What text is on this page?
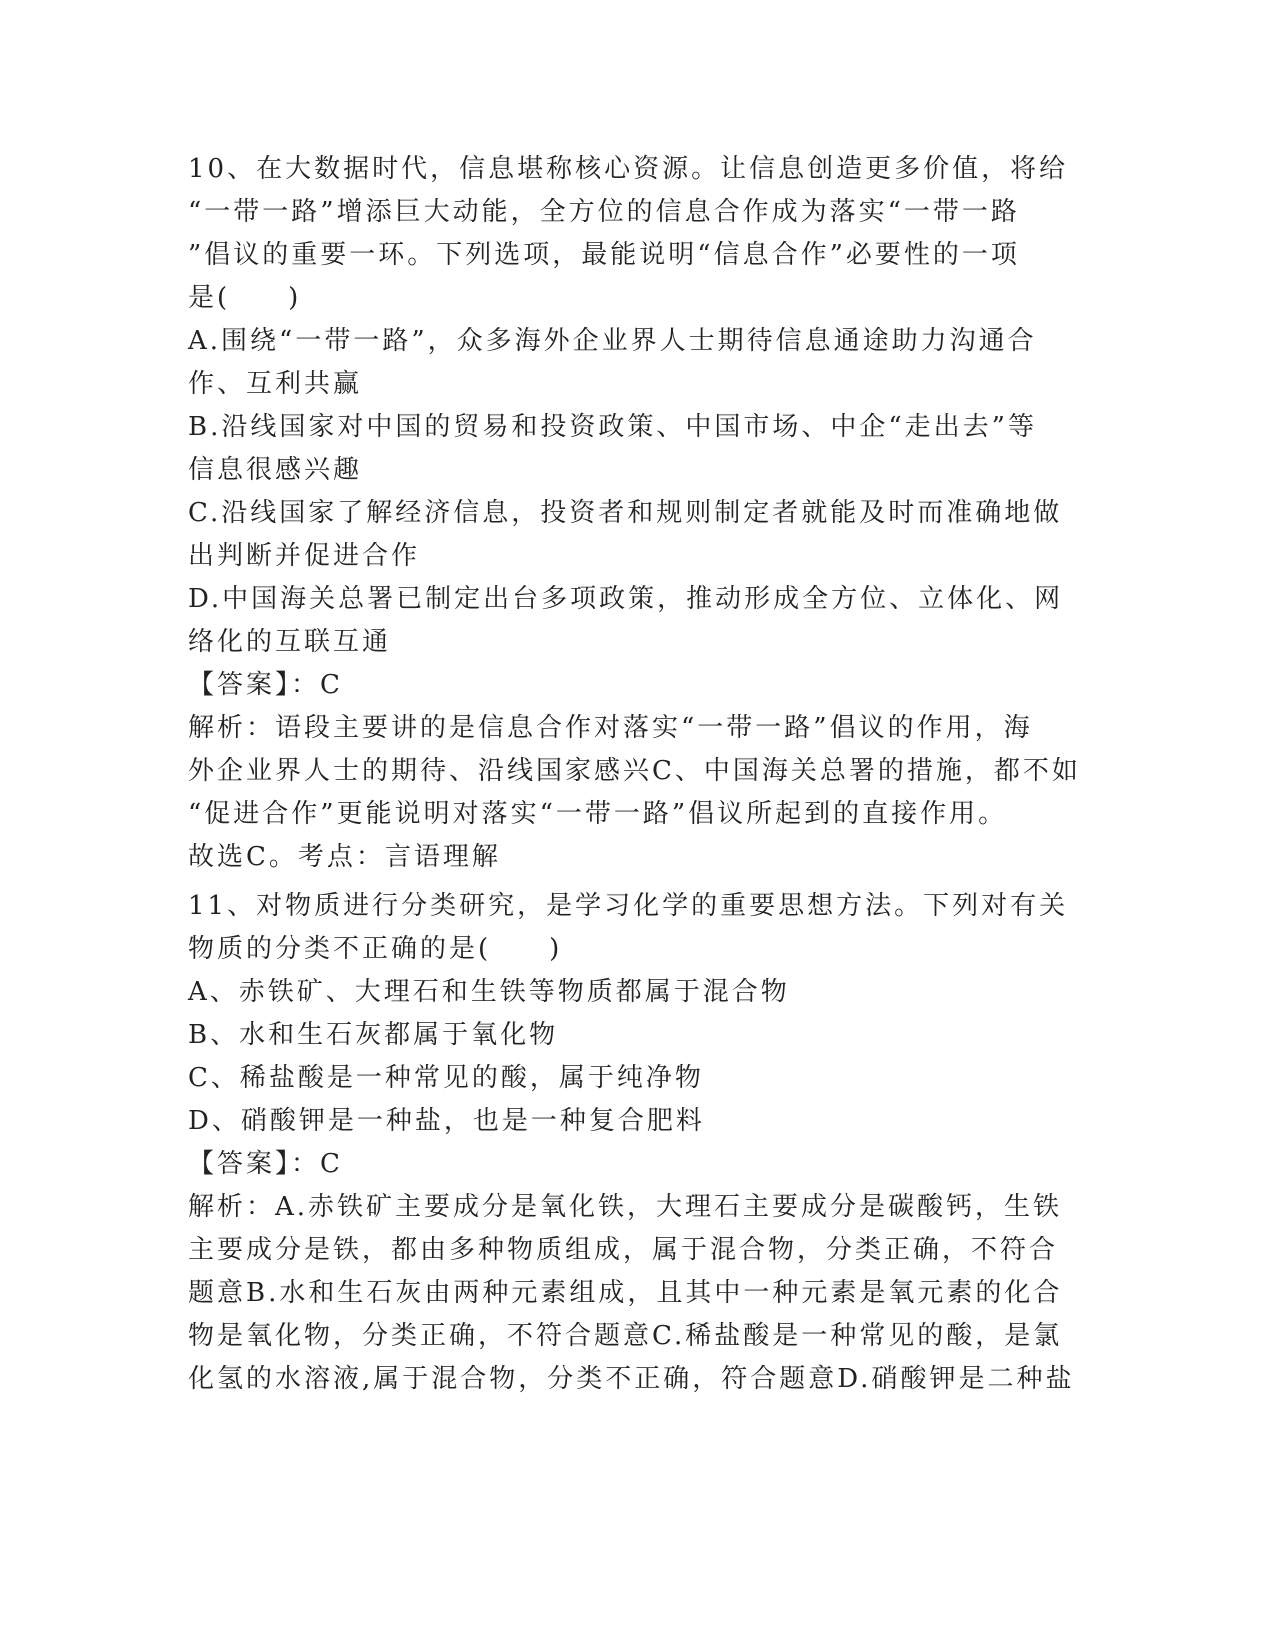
10、在大数据时代，信息堪称核心资源。让信息创造更多价值，将给
“一带一路”增添巨大动能，全方位的信息合作成为落实“一带一路
”倡议的重要一环。下列选项，最能说明“信息合作”必要性的一项
是(　　)
A.围绕“一带一路”，众多海外企业界人士期待信息通途助力沟通合
作、互利共赢
B.沿线国家对中国的贸易和投资政策、中国市场、中企“走出去”等
信息很感兴趣
C.沿线国家了解经济信息，投资者和规则制定者就能及时而准确地做
出判断并促进合作
D.中国海关总署已制定出台多项政策，推动形成全方位、立体化、网
络化的互联互通
【答案】：C
解析：语段主要讲的是信息合作对落实“一带一路”倡议的作用，海
外企业界人士的期待、沿线国家感兴C、中国海关总署的措施，都不如
“促进合作”更能说明对落实“一带一路”倡议所起到的直接作用。
故选C。考点：言语理解
11、对物质进行分类研究，是学习化学的重要思想方法。下列对有关
物质的分类不正确的是(　　)
A、赤铁矿、大理石和生铁等物质都属于混合物
B、水和生石灰都属于氧化物
C、稀盐酸是一种常见的酸，属于纯净物
D、硝酸钾是一种盐，也是一种复合肥料
【答案】：C
解析：A.赤铁矿主要成分是氧化铁，大理石主要成分是碳酸钙，生铁
主要成分是铁，都由多种物质组成，属于混合物，分类正确，不符合
题意B.水和生石灰由两种元素组成，且其中一种元素是氧元素的化合
物是氧化物，分类正确，不符合题意C.稀盐酸是一种常见的酸，是氯
化氢的水溶液,属于混合物，分类不正确，符合题意D.硝酸钾是二种盐
